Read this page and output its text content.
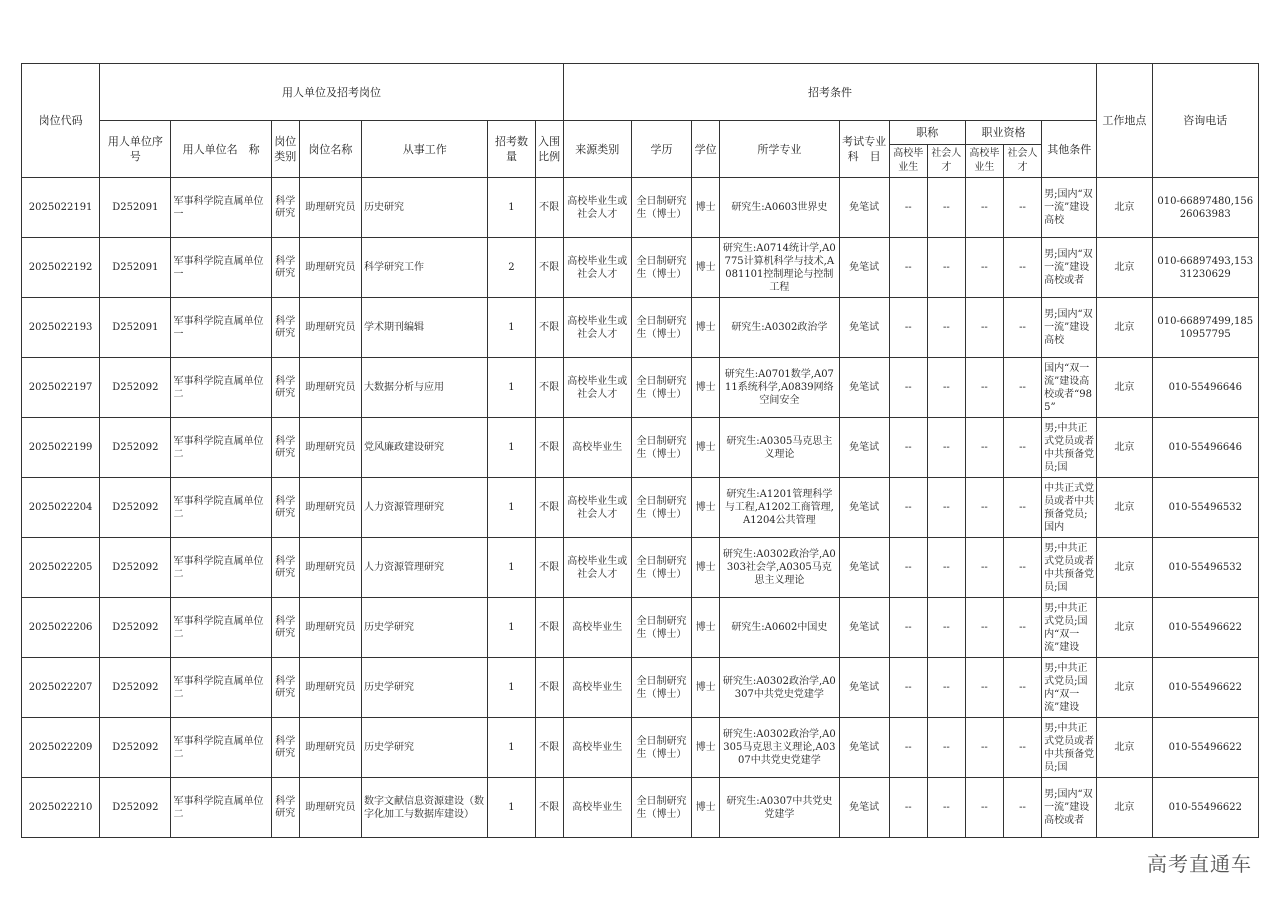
岗位代码	用人单位及招考岗位							招考条件										工作地点	咨询电话
	用人单位序　号	用人单位名　称	岗位类别	岗位名称	从事工作	招考数量	入围比例	来源类别	学历	学位	所学专业	考试专业科　目	职称		职业资格		其他条件		
													高校毕业生	社会人才	高校毕业生	社会人才			

2025022191	D252091	军事科学院直属单位一	科学研究	助理研究员	历史研究	1	不限	高校毕业生或社会人才	全日制研究生（博士）	博士	研究生:A0603世界史	免笔试	--	--	--	--	男;国内“双一流”建设高校	北京	010-66897480,15626063983

2025022192	D252091	军事科学院直属单位一	科学研究	助理研究员	科学研究工作	2	不限	高校毕业生或社会人才	全日制研究生（博士）	博士	研究生:A0714统计学,A0775计算机科学与技术,A081101控制理论与控制工程	免笔试	--	--	--	--	男;国内“双一流”建设高校或者	北京	010-66897493,15331230629

2025022193	D252091	军事科学院直属单位一	科学研究	助理研究员	学术期刊编辑	1	不限	高校毕业生或社会人才	全日制研究生（博士）	博士	研究生:A0302政治学	免笔试	--	--	--	--	男;国内“双一流”建设高校	北京	010-66897499,18510957795

2025022197	D252092	军事科学院直属单位二	科学研究	助理研究员	大数据分析与应用	1	不限	高校毕业生或社会人才	全日制研究生（博士）	博士	研究生:A0701数学,A0711系统科学,A0839网络空间安全	免笔试	--	--	--	--	国内“双一流”建设高校或者“985”	北京	010-55496646

2025022199	D252092	军事科学院直属单位二	科学研究	助理研究员	党风廉政建设研究	1	不限	高校毕业生	全日制研究生（博士）	博士	研究生:A0305马克思主义理论	免笔试	--	--	--	--	男;中共正式党员或者中共预备党员;国	北京	010-55496646

2025022204	D252092	军事科学院直属单位二	科学研究	助理研究员	人力资源管理研究	1	不限	高校毕业生或社会人才	全日制研究生（博士）	博士	研究生:A1201管理科学与工程,A1202工商管理,A1204公共管理	免笔试	--	--	--	--	中共正式党员或者中共预备党员;国内	北京	010-55496532

2025022205	D252092	军事科学院直属单位二	科学研究	助理研究员	人力资源管理研究	1	不限	高校毕业生或社会人才	全日制研究生（博士）	博士	研究生:A0302政治学,A0303社会学,A0305马克思主义理论	免笔试	--	--	--	--	男;中共正式党员或者中共预备党员;国	北京	010-55496532

2025022206	D252092	军事科学院直属单位二	科学研究	助理研究员	历史学研究	1	不限	高校毕业生	全日制研究生（博士）	博士	研究生:A0602中国史	免笔试	--	--	--	--	男;中共正式党员;国内“双一流”建设	北京	010-55496622

2025022207	D252092	军事科学院直属单位二	科学研究	助理研究员	历史学研究	1	不限	高校毕业生	全日制研究生（博士）	博士	研究生:A0302政治学,A0307中共党史党建学	免笔试	--	--	--	--	男;中共正式党员;国内“双一流”建设	北京	010-55496622

2025022209	D252092	军事科学院直属单位二	科学研究	助理研究员	历史学研究	1	不限	高校毕业生	全日制研究生（博士）	博士	研究生:A0302政治学,A0305马克思主义理论,A0307中共党史党建学	免笔试	--	--	--	--	男;中共正式党员或者中共预备党员;国	北京	010-55496622

2025022210	D252092	军事科学院直属单位二	科学研究	助理研究员	数字文献信息资源建设（数字化加工与数据库建设）	1	不限	高校毕业生	全日制研究生（博士）	博士	研究生:A0307中共党史党建学	免笔试	--	--	--	--	男;国内“双一流”建设高校或者	北京	010-55496622
高考直通车
